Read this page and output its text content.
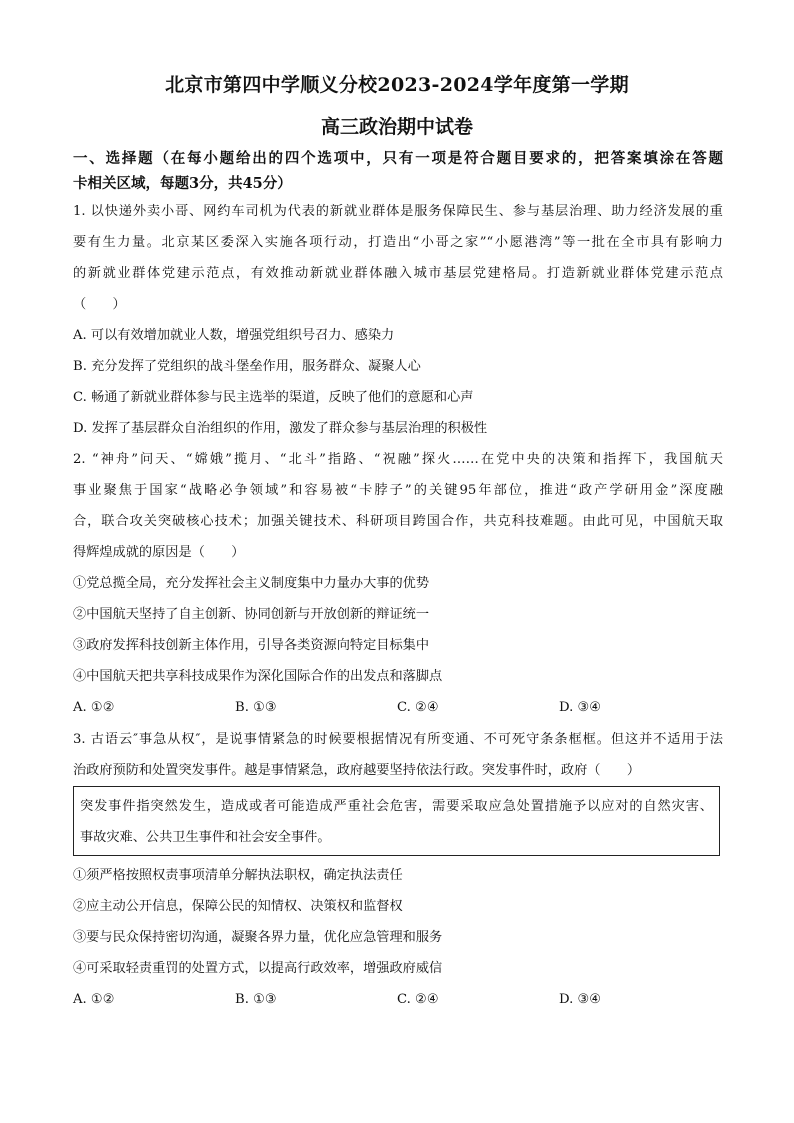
北京市第四中学顺义分校2023-2024学年度第一学期
高三政治期中试卷
一、选择题（在每小题给出的四个选项中，只有一项是符合题目要求的，把答案填涂在答题
卡相关区域，每题3分，共45分）
1. 以快递外卖小哥、网约车司机为代表的新就业群体是服务保障民生、参与基层治理、助力经济发展的重
要有生力量。北京某区委深入实施各项行动，打造出“小哥之家”“小愿港湾”等一批在全市具有影响力
的新就业群体党建示范点，有效推动新就业群体融入城市基层党建格局。打造新就业群体党建示范点
（　　）
A. 可以有效增加就业人数，增强党组织号召力、感染力
B. 充分发挥了党组织的战斗堡垒作用，服务群众、凝聚人心
C. 畅通了新就业群体参与民主选举的渠道，反映了他们的意愿和心声
D. 发挥了基层群众自治组织的作用，激发了群众参与基层治理的积极性
2. “神舟”问天、“嫦娥”揽月、“北斗”指路、“祝融”探火……在党中央的决策和指挥下，我国航天
事业聚焦于国家“战略必争领域”和容易被“卡脖子”的关键95年部位，推进“政产学研用金”深度融
合，联合攻关突破核心技术；加强关键技术、科研项目跨国合作，共克科技难题。由此可见，中国航天取
得辉煌成就的原因是（　　）
①党总揽全局，充分发挥社会主义制度集中力量办大事的优势
②中国航天坚持了自主创新、协同创新与开放创新的辩证统一
③政府发挥科技创新主体作用，引导各类资源向特定目标集中
④中国航天把共享科技成果作为深化国际合作的出发点和落脚点
A. ①②	B. ①③	C. ②④	D. ③④
3. 古语云″事急从权″，是说事情紧急的时候要根据情况有所变通、不可死守条条框框。但这并不适用于法
治政府预防和处置突发事件。越是事情紧急，政府越要坚持依法行政。突发事件时，政府（　　）
突发事件指突然发生，造成或者可能造成严重社会危害，需要采取应急处置措施予以应对的自然灾害、
事故灾难、公共卫生事件和社会安全事件。
①须严格按照权责事项清单分解执法职权，确定执法责任
②应主动公开信息，保障公民的知情权、决策权和监督权
③要与民众保持密切沟通，凝聚各界力量，优化应急管理和服务
④可采取轻责重罚的处置方式，以提高行政效率，增强政府威信
A. ①②	B. ①③	C. ②④	D. ③④
